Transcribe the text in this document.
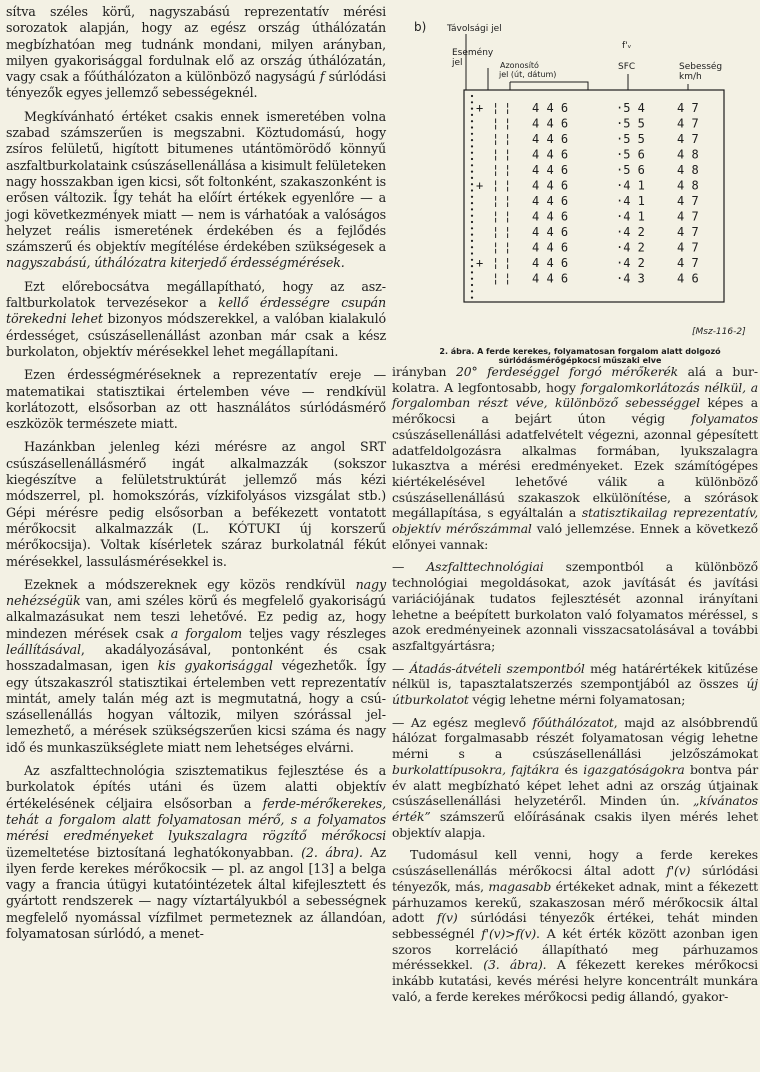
sítva széles körű, nagyszabású reprezentatív mérési sorozatok alapján, hogy az egész ország úthálózatán megbízhatóan meg tudnánk mondani, milyen arányban, milyen gyakorisággal fordulnak elő az ország úthálózatán, vagy csak a főúthálózaton a különböző nagyságú f súrlódási tényezők egyes jellemző sebességeknél.

Megkívánható értéket csakis ennek ismeretében volna szabad számszerűen is megszabni. Köztudomású, hogy zsíros felületű, higított bitumenes utántömörödő könnyű aszfaltburkolataink csúszásellenállása a kisimult felületeken nagy hosszakban igen kicsi, sőt foltonként, szakaszonként is erősen változik. Így tehát ha előírt értékek egyenlőre — a jogi következmények miatt — nem is várhatóak a valóságos helyzet reális ismeretének érdekében és a fejlődés számszerű és objektív megítélése érdekében szükségesek a nagyszabású, úthálózatra kiterjedő érdességmérések.

Ezt előrebocsátva megállapítható, hogy az aszfaltburkolatok tervezésekor a kellő érdességre csupán törekedni lehet bizonyos módszerekkel, a valóban kialakuló érdességet, csúszásellenállást azonban már csak a kész burkolaton, objektív mérésekkel lehet megállapítani.

Ezen érdességméréseknek a reprezentatív ereje — matematikai statisztikai értelemben véve — rendkívül korlátozott, elsősorban az ott használátos súrlódásmérő eszközök természete miatt.

Hazánkban jelenleg kézi mérésre az angol SRT csúszásellenállásmérő ingát alkalmazzák (sokszor kiegészítve a felületstruktúrát jellemző más kézi módszerrel, pl. homokszórás, vízkifolyásos vizsgálat stb.) Gépi mérésre pedig elsősorban a befékezett vontatott mérőkocsit alkalmazzák (L. KÓTUKI új korszerű mérőkocsija). Voltak kísérletek száraz burkolatnál fékút mérésekkel, lassulásmérésekkel is.

Ezeknek a módszereknek egy közös rendkívül nagy nehézségük van, ami széles körű és megfelelő gyakoriságú alkalmazásukat nem teszi lehetővé. Ez pedig az, hogy mindezen mérések csak a forgalom teljes vagy részleges leállításával, akadályozásával, pontonként és csak hosszadalmasan, igen kis gyakorisággal végezhetők. Így egy útszakaszról statisztikai értelemben vett reprezentatív mintát, amely talán még azt is megmutatná, hogy a csúszásellenállás hogyan változik, milyen szórással jellemezhető, a mérések szükségszerűen kicsi száma és nagy idő és munkaszükséglete miatt nem lehetséges elvárni.

Az aszfalttechnológia szisztematikus fejlesztése és a burkolatok építés utáni és üzem alatti objektív értékelésének céljaira elsősorban a ferde-mérőkerekes, tehát a forgalom alatt folyamatosan mérő, s a folyamatos mérési eredményeket lyukszalagra rögzítő mérőkocsi üzemeltetése biztosítaná leghatókonyabban. (2. ábra). Az ilyen ferde kerekes mérőkocsik — pl. az angol [13] a belga vagy a francia útügyi kutatóintézetek által kifejlesztett és gyártott rendszerek — nagy víztartályukból a sebességnek megfelelő nyomással vízfilmet permeteznek az állandóan, folyamatosan súrlódó, a menet-

+ ¦ ¦ 4 4 6	·5 4	4 7
¦ ¦ 4 4 6	·5 5	4 7
¦ ¦ 4 4 6	·5 5	4 7
¦ ¦ 4 4 6	·5 6	4 8
¦ ¦ 4 4 6	·5 6	4 8
+ ¦ ¦ 4 4 6	·4 1	4 8
¦ ¦ 4 4 6	·4 1	4 7
¦ ¦ 4 4 6	·4 1	4 7
¦ ¦ 4 4 6	·4 2	4 7
¦ ¦ 4 4 6	·4 2	4 7
+ ¦ ¦ 4 4 6	·4 2	4 7
¦ ¦ 4 4 6	·4 3	4 6
b) Távolsági jel
Esemény
jel	Azonosító
jel (út, dátum)
f'ᵥ
SFC	Sebesség
km/h
[Msz-116-2]
2. ábra. A ferde kerekes, folyamatosan forgalom alatt dolgozó
súrlódásmérőgépkocsi műszaki elve

irányban 20° ferdeséggel forgó mérőkerék alá a burkolatra. A legfontosabb, hogy forgalomkorlátozás nélkül, a forgalomban részt véve, különböző sebességgel képes a mérőkocsi a bejárt úton végig folyamatos csúszásellenállási adatfelvételt végezni, azonnal gépesített adatfeldolgozásra alkalmas formában, lyukszalagra lukasztva a mérési eredményeket. Ezek számítógépes kiértékelésével lehetővé válik a különböző csúszásellenállású szakaszok elkülönítése, a szórások megállapítása, s egyáltalán a statisztikailag reprezentatív, objektív mérőszámmal való jellemzése. Ennek a következő előnyei vannak:

— Aszfalttechnológiai szempontból a különböző technológiai megoldásokat, azok javítását és javítási variációjának tudatos fejlesztését azonnal irányítani lehetne a beépített burkolaton való folyamatos méréssel, s azok eredményeinek azonnali visszacsatolásával a további aszfaltgyártásra;

— Átadás-átvételi szempontból még határértékek kitűzése nélkül is, tapasztalatszerzés szempontjából az összes új útburkolatot végig lehetne mérni folyamatosan;

— Az egész meglevő főúthálózatot, majd az alsóbbrendű hálózat forgalmasabb részét folyamatosan végig lehetne mérni s a csúszásellenállási jelzőszámokat burkolattípusokra, fajtákra és igazgatóságokra bontva pár év alatt megbízható képet lehet adni az ország útjainak csúszásellenállási helyzetéről. Minden ún. „kívánatos érték” számszerű előírásának csakis ilyen mérés lehet objektív alapja.

Tudomásul kell venni, hogy a ferde kerekes csúszásellenállás mérőkocsi által adott f'(v) súrlódási tényezők, más, magasabb értékeket adnak, mint a fékezett párhuzamos kerekű, szakaszosan mérő mérőkocsik által adott f(v) súrlódási tényezők értékei, tehát minden sebbességnél f'(v)>f(v). A két érték között azonban igen szoros korreláció állapítható meg párhuzamos méréssekkel. (3. ábra). A fékezett kerekes mérőkocsi inkább kutatási, kevés mérési helyre koncentrált munkára való, a ferde kerekes mérőkocsi pedig állandó, gyakor-
